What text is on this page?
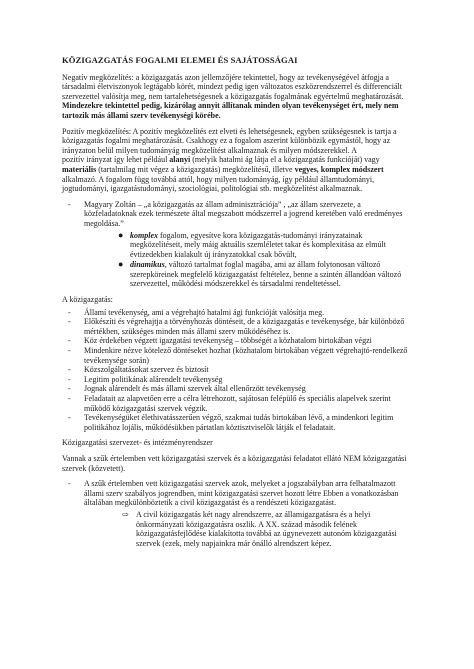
KÖZIGAZGATÁS FOGALMI ELEMEI ÉS SAJÁTOSSÁGAI

Negatív megközelítés: a közigazgatás azon jellemzőjére tekintettel, hogy az tevékenységével átfogja a társadalmi életviszonyok legtágabb körét, mindezt pedig igen változatos eszközrendszerrel és differenciált szervezettel valósítja meg, nem tartalehetségesnek a közigazgatás fogalmának egyértelmű meghatározását. Mindezekre tekintettel pedig, kizárólag annyit állítanak minden olyan tevékenységet ért, mely nem tartozik más állami szerv tevékenységi körébe.

Pozitív megközelítés: A pozitív megközelítés ezt elveti és lehetségesnek, egyben szükségesnek is tartja a közigazgatás fogalmi meghatározását. Csakhogy ez a fogalom aszerint különbözik egymástól, hogy az irányzaton belül milyen tudományág megközelítést alkalmaznak és milyen módszerekkel. A

pozitív irányzat így lehet például alanyi (melyik hatalmi ág látja el a közigazgatás funkcióját) vagy materiális (tartalmilag mit végez a közigazgatás) megközelítésű, illetve vegyes, komplex módszert alkalmazó. A fogalom függ továbbá attól, hogy milyen tudományág, így például államtudományi, jogtudományi, igazgatástudományi, szociológiai, politológiai stb. megközelítést alkalmaznak.

- Magyary Zoltán – „a közigazgatás az állam adminisztrációja” , „az állam szervezete, a közfeladatoknak ezek természete által megszabott módszerrel a jogrend keretében való eredményes megoldása.”
● komplex fogalom, egyesítve kora közigazgatás-tudományi irányzatainak megközelítéseit, mely máig aktuális szemléletet takar és komplexitása az elmúlt évtizedekben kialakult új irányzatokkal csak bővült,
● dinamikus, változó tartalmat foglal magába, ami az állam folytonosan változó szerepköreinek megfelelő közigazgatást feltételez, benne a szintén állandóan változó szervezettel, működési módszerekkel és társadalmi rendeltetéssel.

A közigazgatás:

- Államí tevékenység, ami a végrehajtó hatalmi ági funkcióját valósítja meg.
- Előkészíti és végrehajtja a törvényhozás döntéseit, de a közigazgatás e tevékenysége, bár különböző mértékben, szükséges minden más állami szerv működéséhez is.
- Köz érdekében végzett igazgatási tevékenység – többségét a közhatalom birtokában végzi
- Mindenkire nézve kötelező döntéseket hozhat (közhatalom birtokában végzett végrehajtó-rendelkező tevékenysége során)
- Közszolgáltatásokat szervez és biztosít
- Legitim politikának alárendelt tevékenység
- Jognak alárendelt és más állami szervek által ellenőrzött tevékenység
- Feladatait az alapvetően erre a célra létrehozott, sajátosan felépülő és speciális alapelvek szerint működő közigazgatási szervek végzik.
- Tevékenységüket élethivatásszerűen végző, szakmai tudás birtokában lévő, a mindenkori legitim politikához lojális, működésükben pártatlan köztisztviselők látják el feladatait.

Közigazgatási szervezet- és intézményrendszer

Vannak a szűk értelemben vett közigazgatási szervek és a közigazgatási feladatot ellátó NEM közigazgatási szervek (közvetett).

- A szűk értelemben vett közigazgatási szervek azok, melyeket a jogszabályban arra felhatalmazott állami szerv szabályos jogrendben, mint közigazgatási szervet hozott létre Ebben a vonatkozásban általában megkülönböztetik a civil közigazgatást és a rendészeti közigazgatást.
⇨ A civil közigazgatás két nagy alrendszerre, az államigazgatásra és a helyi önkormányzati közigazgatásra oszlik. A XX. század második felének közigazgatásfejlődése kialakította továbbá az úgynevezett autonóm közigazgatási szervek (ezek, mely napjainkra már önálló alrendszert képez.
